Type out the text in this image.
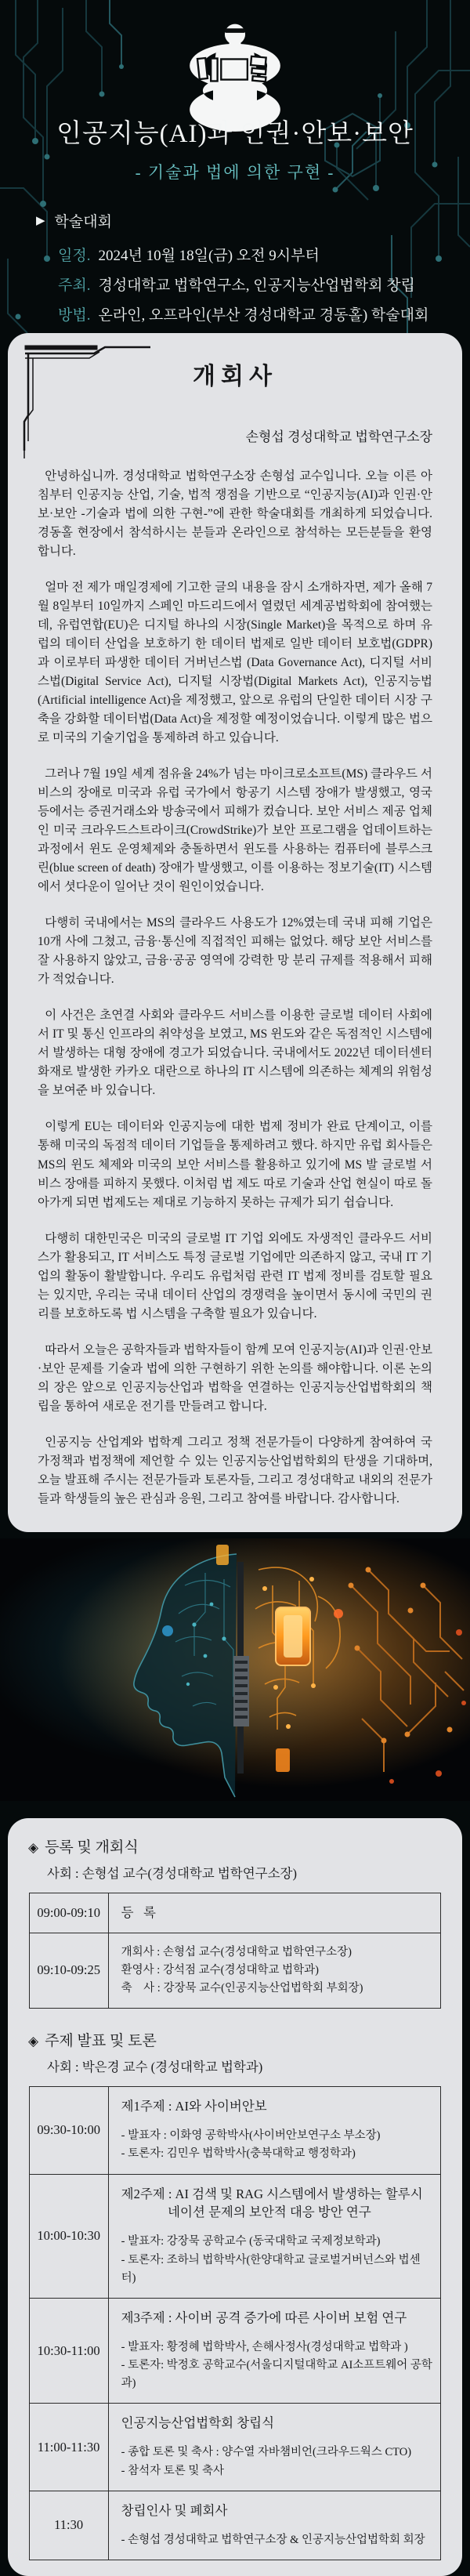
인공지능(AI)과 인권·안보·보안
- 기술과 법에 의한 구현 -
▶ 학술대회
일정. 2024년 10월 18일(금) 오전 9시부터
주최. 경성대학교 법학연구소, 인공지능산업법학회 창립
방법. 온라인, 오프라인(부산 경성대학교 경동홀) 학술대회
개회사
손형섭 경성대학교 법학연구소장

안녕하십니까. 경성대학교 법학연구소장 손형섭 교수입니다. 오늘 이른 아침부터 인공지능 산업, 기술, 법적 쟁점을 기반으로 “인공지능(AI)과 인권·안보·보안 -기술과 법에 의한 구현-”에 관한 학술대회를 개최하게 되었습니다. 경동홀 현장에서 참석하시는 분들과 온라인으로 참석하는 모든분들을 환영합니다.

얼마 전 제가 매일경제에 기고한 글의 내용을 잠시 소개하자면, 제가 올해 7월 8일부터 10일까지 스페인 마드리드에서 열렸던 세계공법학회에 참여했는데, 유럽연합(EU)은 디지털 하나의 시장(Single Market)을 목적으로 하며 유럽의 데이터 산업을 보호하기 한 데이터 법제로 일반 데이터 보호법(GDPR)과 이로부터 파생한 데이터 거버넌스법 (Data Governance Act), 디지털 서비스법(Digital Service Act), 디지털 시장법(Digital Markets Act), 인공지능법(Artificial intelligence Act)을 제정했고, 앞으로 유럽의 단일한 데이터 시장 구축을 강화할 데이터법(Data Act)을 제정할 예정이었습니다. 이렇게 많은 법으로 미국의 기술기업을 통제하려 하고 있습니다.

그러나 7월 19일 세계 점유율 24%가 넘는 마이크로소프트(MS) 클라우드 서비스의 장애로 미국과 유럽 국가에서 항공기 시스템 장애가 발생했고, 영국 등에서는 증권거래소와 방송국에서 피해가 컸습니다. 보안 서비스 제공 업체인 미국 크라우드스트라이크(CrowdStrike)가 보안 프로그램을 업데이트하는 과정에서 윈도 운영체제와 충돌하면서 윈도를 사용하는 컴퓨터에 블루스크린(blue screen of death) 장애가 발생했고, 이를 이용하는 정보기술(IT) 시스템에서 셧다운이 일어난 것이 원인이었습니다.

다행히 국내에서는 MS의 클라우드 사용도가 12%였는데 국내 피해 기업은 10개 사에 그쳤고, 금융·통신에 직접적인 피해는 없었다. 해당 보안 서비스를 잘 사용하지 않았고, 금융·공공 영역에 강력한 망 분리 규제를 적용해서 피해가 적었습니다.

이 사건은 초연결 사회와 클라우드 서비스를 이용한 글로벌 데이터 사회에서 IT 및 통신 인프라의 취약성을 보였고, MS 윈도와 같은 독점적인 시스템에서 발생하는 대형 장애에 경고가 되었습니다. 국내에서도 2022년 데이터센터 화재로 발생한 카카오 대란으로 하나의 IT 시스템에 의존하는 체계의 위험성을 보여준 바 있습니다.

이렇게 EU는 데이터와 인공지능에 대한 법제 정비가 완료 단계이고, 이를 통해 미국의 독점적 데이터 기업들을 통제하려고 했다. 하지만 유럽 회사들은 MS의 윈도 체제와 미국의 보안 서비스를 활용하고 있기에 MS 발 글로벌 서비스 장애를 피하지 못했다. 이처럼 법 제도 따로 기술과 산업 현실이 따로 돌아가게 되면 법제도는 제대로 기능하지 못하는 규제가 되기 쉽습니다.

다행히 대한민국은 미국의 글로벌 IT 기업 외에도 자생적인 클라우드 서비스가 활용되고, IT 서비스도 특정 글로벌 기업에만 의존하지 않고, 국내 IT 기업의 활동이 활발합니다. 우리도 유럽처럼 관련 IT 법제 정비를 검토할 필요는 있지만, 우리는 국내 데이터 산업의 경쟁력을 높이면서 동시에 국민의 권리를 보호하도록 법 시스템을 구축할 필요가 있습니다.

따라서 오늘은 공학자들과 법학자들이 함께 모여 인공지능(AI)과 인권·안보·보안 문제를 기술과 법에 의한 구현하기 위한 논의를 해야합니다. 이론 논의의 장은 앞으로 인공지능산업과 법학을 연결하는 인공지능산업법학회의 책립을 통하여 새로운 전기를 만들려고 합니다.

인공지능 산업계와 법학계 그리고 정책 전문가들이 다양하게 참여하여 국가정책과 법정책에 제언할 수 있는 인공지능산업법학회의 탄생을 기대하며, 오늘 발표해 주시는 전문가들과 토론자들, 그리고 경성대학교 내외의 전문가들과 학생들의 높은 관심과 응원, 그리고 참여를 바랍니다. 감사합니다.

◈ 등록 및 개회식
사회 : 손형섭 교수(경성대학교 법학연구소장)
09:00-09:10	등   록

09:10-09:25	개회사 : 손형섭 교수(경성대학교 법학연구소장)
환영사 : 강석점 교수(경성대학교 법학과)
축    사 : 강장묵 교수(인공지능산업법학회 부회장)
◈ 주제 발표 및 토론
사회 : 박은경 교수 (경성대학교 법학과)
09:30-10:00	제1주제 : AI와 사이버안보
- 발표자 : 이화영 공학박사(사이버안보연구소 부소장)
- 토론자: 김민우 법학박사(충북대학교 행정학과)

10:00-10:30	제2주제 : AI 검색 및 RAG 시스템에서 발생하는 할루시네이션 문제의 보안적 대응 방안 연구
- 발표자: 강장묵 공학교수 (동국대학교 국제정보학과)
- 토론자: 조하늬 법학박사(한양대학교 글로벌거버넌스와 법센터)

10:30-11:00	제3주제 : 사이버 공격 증가에 따른 사이버 보험 연구
- 발표자: 황정혜 법학박사, 손해사정사(경성대학교 법학과 )
- 토론자: 박정호 공학교수(서울디지털대학교 AI소프트웨어 공학과)

11:00-11:30	인공지능산업법학회 창립식
- 종합 토론 및 축사 : 양수열 자바챔비언(크라우드웍스 CTO)
- 참석자 토론 및 축사

11:30	창립인사 및 폐회사
- 손형섭 경성대학교 법학연구소장 & 인공지능산업법학회 회장
